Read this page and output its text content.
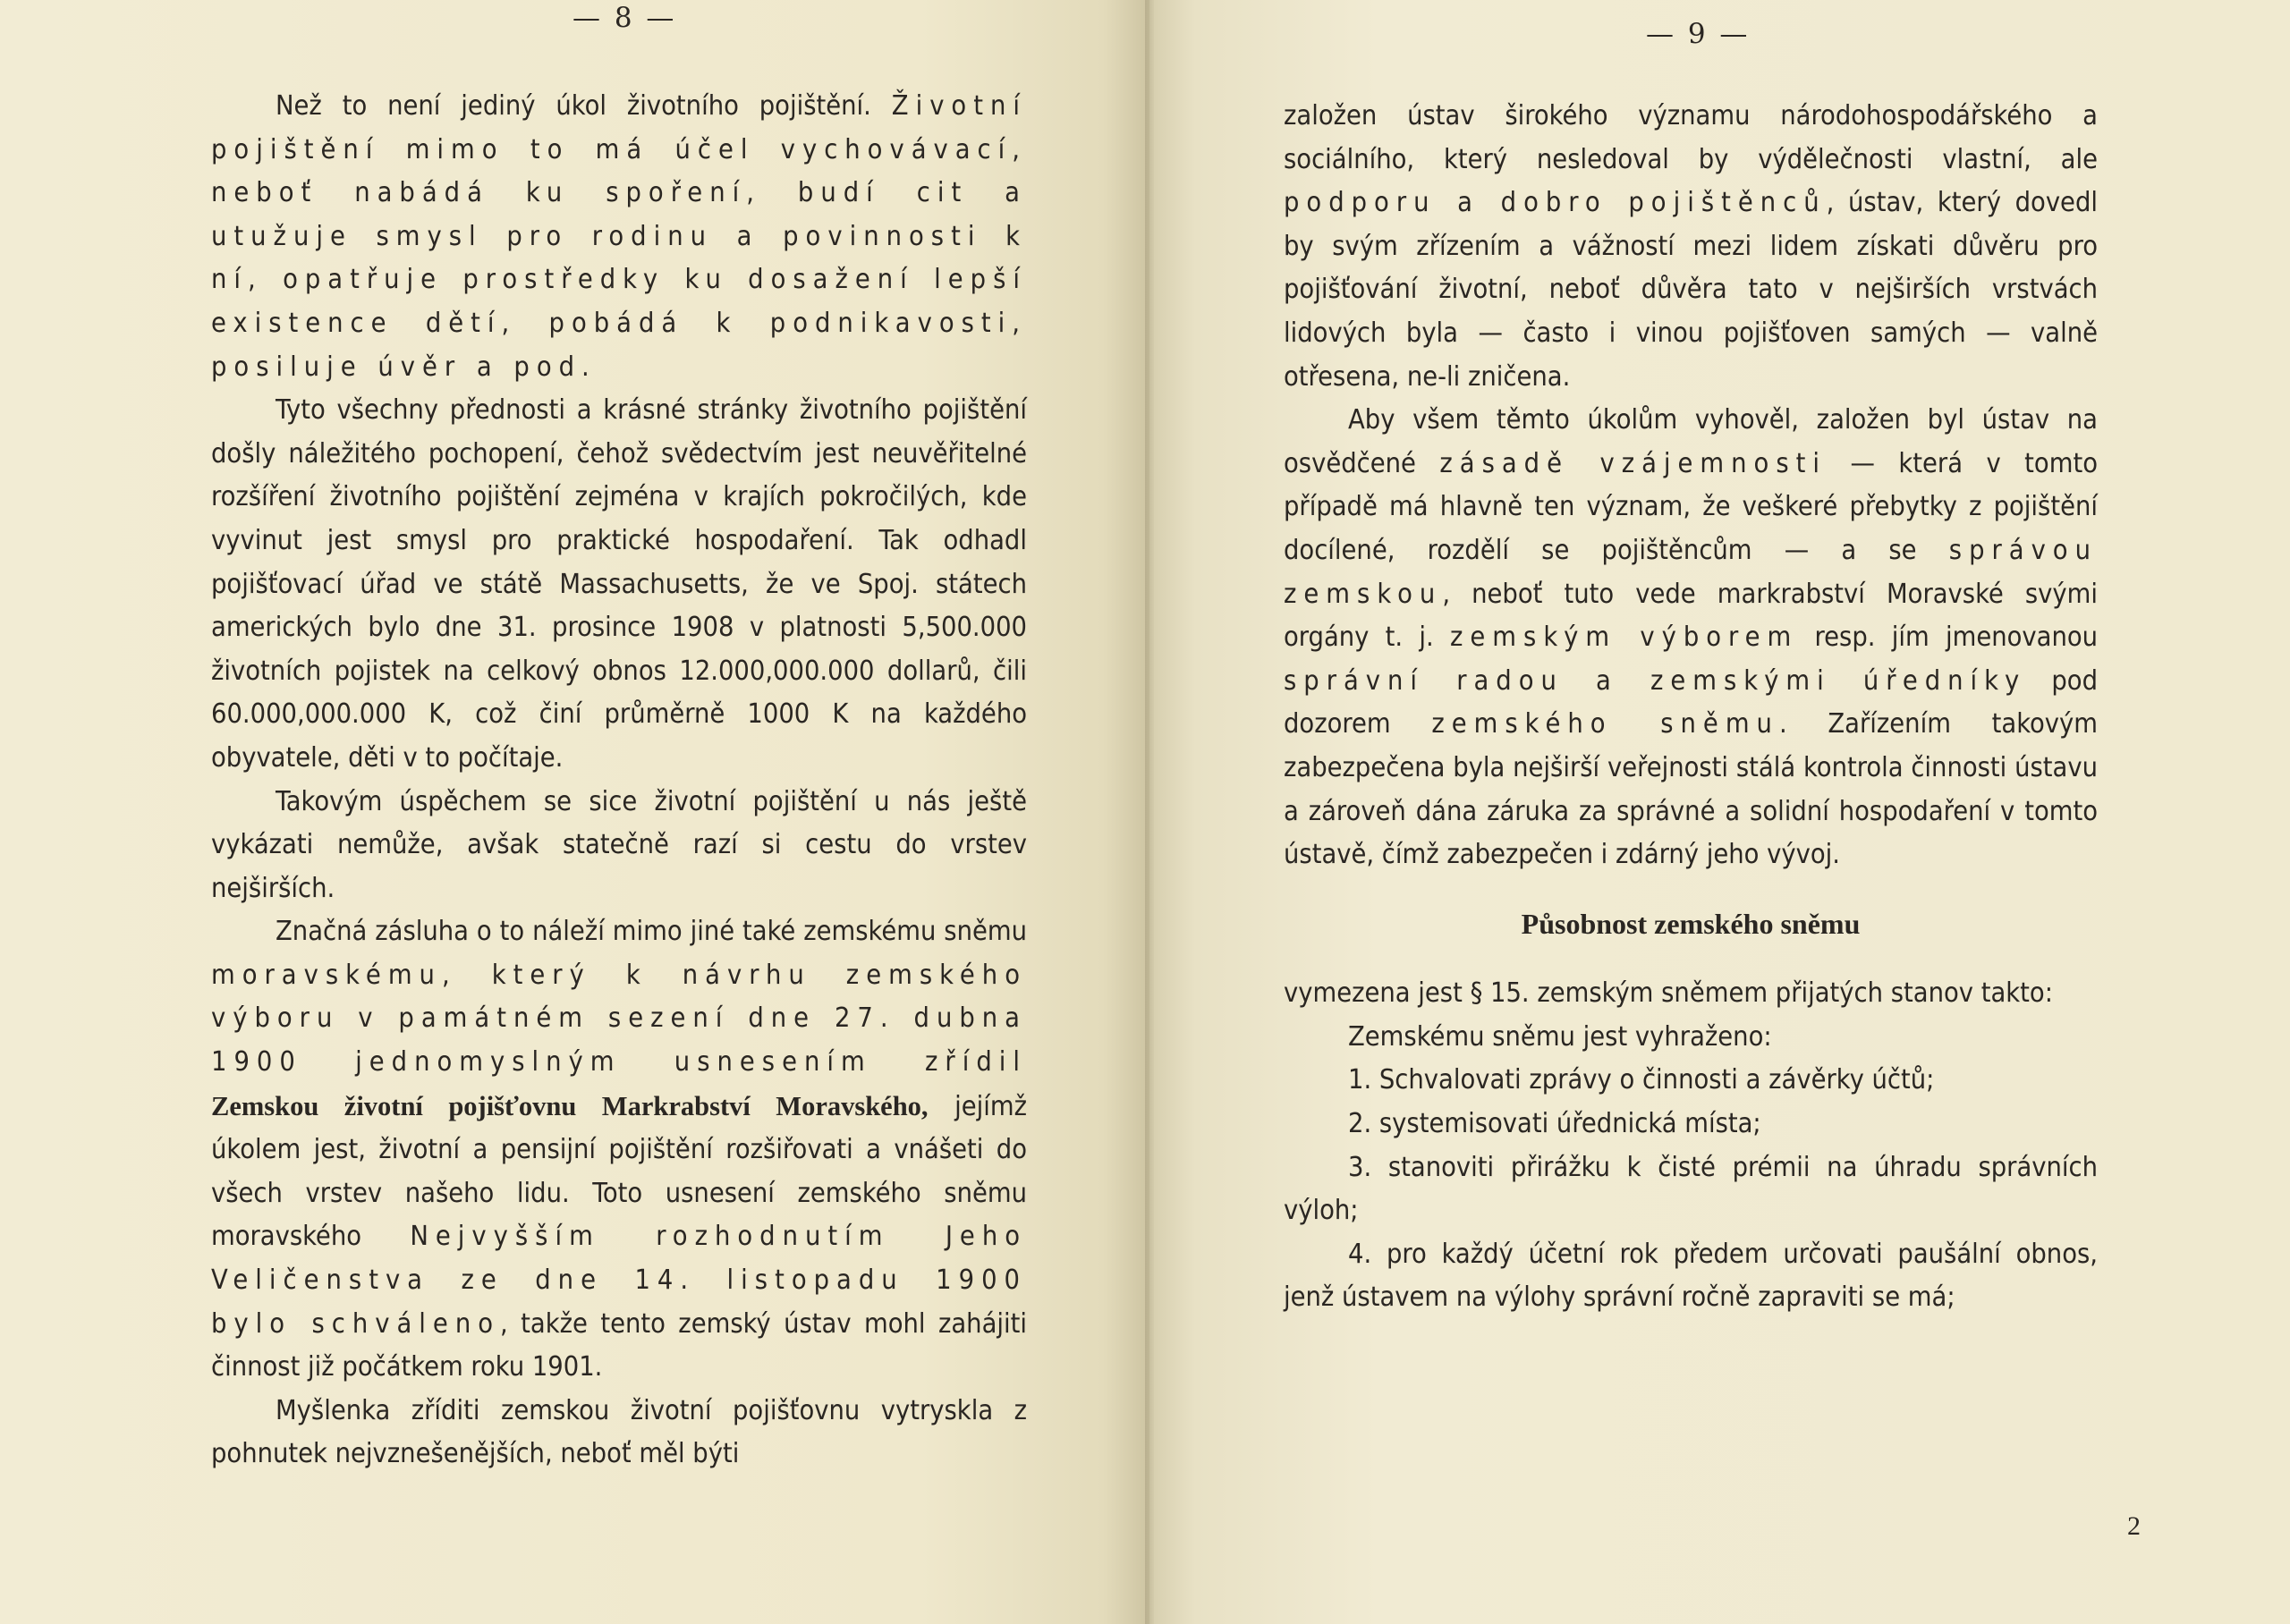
— 8 —

Než to není jediný úkol životního pojištění. Životní pojištění mimo to má účel vychovávací, neboť nabádá ku spoření, budí cit a utužuje smysl pro rodinu a povinnosti k ní, opatřuje prostředky ku dosažení lepší existence dětí, pobádá k podnikavosti, posiluje úvěr a pod.

Tyto všechny přednosti a krásné stránky životního pojištění došly náležitého pochopení, čehož svědectvím jest neuvěřitelné rozšíření životního pojištění zejména v krajích pokročilých, kde vyvinut jest smysl pro praktické hospodaření. Tak odhadl pojišťovací úřad ve státě Massachusetts, že ve Spoj. státech amerických bylo dne 31. prosince 1908 v platnosti 5,500.000 životních pojistek na celkový obnos 12.000,000.000 dollarů, čili 60.000,000.000 K, což činí průměrně 1000 K na každého obyvatele, děti v to počítaje.

Takovým úspěchem se sice životní pojištění u nás ještě vykázati nemůže, avšak statečně razí si cestu do vrstev nejširších.

Značná zásluha o to náleží mimo jiné také zemskému sněmu moravskému, který k návrhu zemského výboru v památném sezení dne 27. dubna 1900 jednomyslným usnesením zřídil Zemskou životní pojišťovnu Markrabství Moravského, jejímž úkolem jest, životní a pensijní pojištění rozšiřovati a vnášeti do všech vrstev našeho lidu. Toto usnesení zemského sněmu moravského Nejvyšším rozhodnutím Jeho Veličenstva ze dne 14. listopadu 1900 bylo schváleno, takže tento zemský ústav mohl zahájiti činnost již počátkem roku 1901.

Myšlenka zříditi zemskou životní pojišťovnu vytryskla z pohnutek nejvznešenějších, neboť měl býti

— 9 —

založen ústav širokého významu národohospodářského a sociálního, který nesledoval by výdělečnosti vlastní, ale podporu a dobro pojištěnců, ústav, který dovedl by svým zřízením a vážností mezi lidem získati důvěru pro pojišťování životní, neboť důvěra tato v nejširších vrstvách lidových byla — často i vinou pojišťoven samých — valně otřesena, ne-li zničena.

Aby všem těmto úkolům vyhověl, založen byl ústav na osvědčené zásadě vzájemnosti — která v tomto případě má hlavně ten význam, že veškeré přebytky z pojištění docílené, rozdělí se pojištěncům — a se správou zemskou, neboť tuto vede markrabství Moravské svými orgány t. j. zemským výborem resp. jím jmenovanou správní radou a zemskými úředníky pod dozorem zemského sněmu. Zařízením takovým zabezpečena byla nejširší veřejnosti stálá kontrola činnosti ústavu a zároveň dána záruka za správné a solidní hospodaření v tomto ústavě, čímž zabezpečen i zdárný jeho vývoj.

Působnost zemského sněmu

vymezena jest § 15. zemským sněmem přijatých stanov takto:

Zemskému sněmu jest vyhraženo:

1. Schvalovati zprávy o činnosti a závěrky účtů;

2. systemisovati úřednická místa;

3. stanoviti přirážku k čisté prémii na úhradu správních výloh;

4. pro každý účetní rok předem určovati paušální obnos, jenž ústavem na výlohy správní ročně zapraviti se má;

2
